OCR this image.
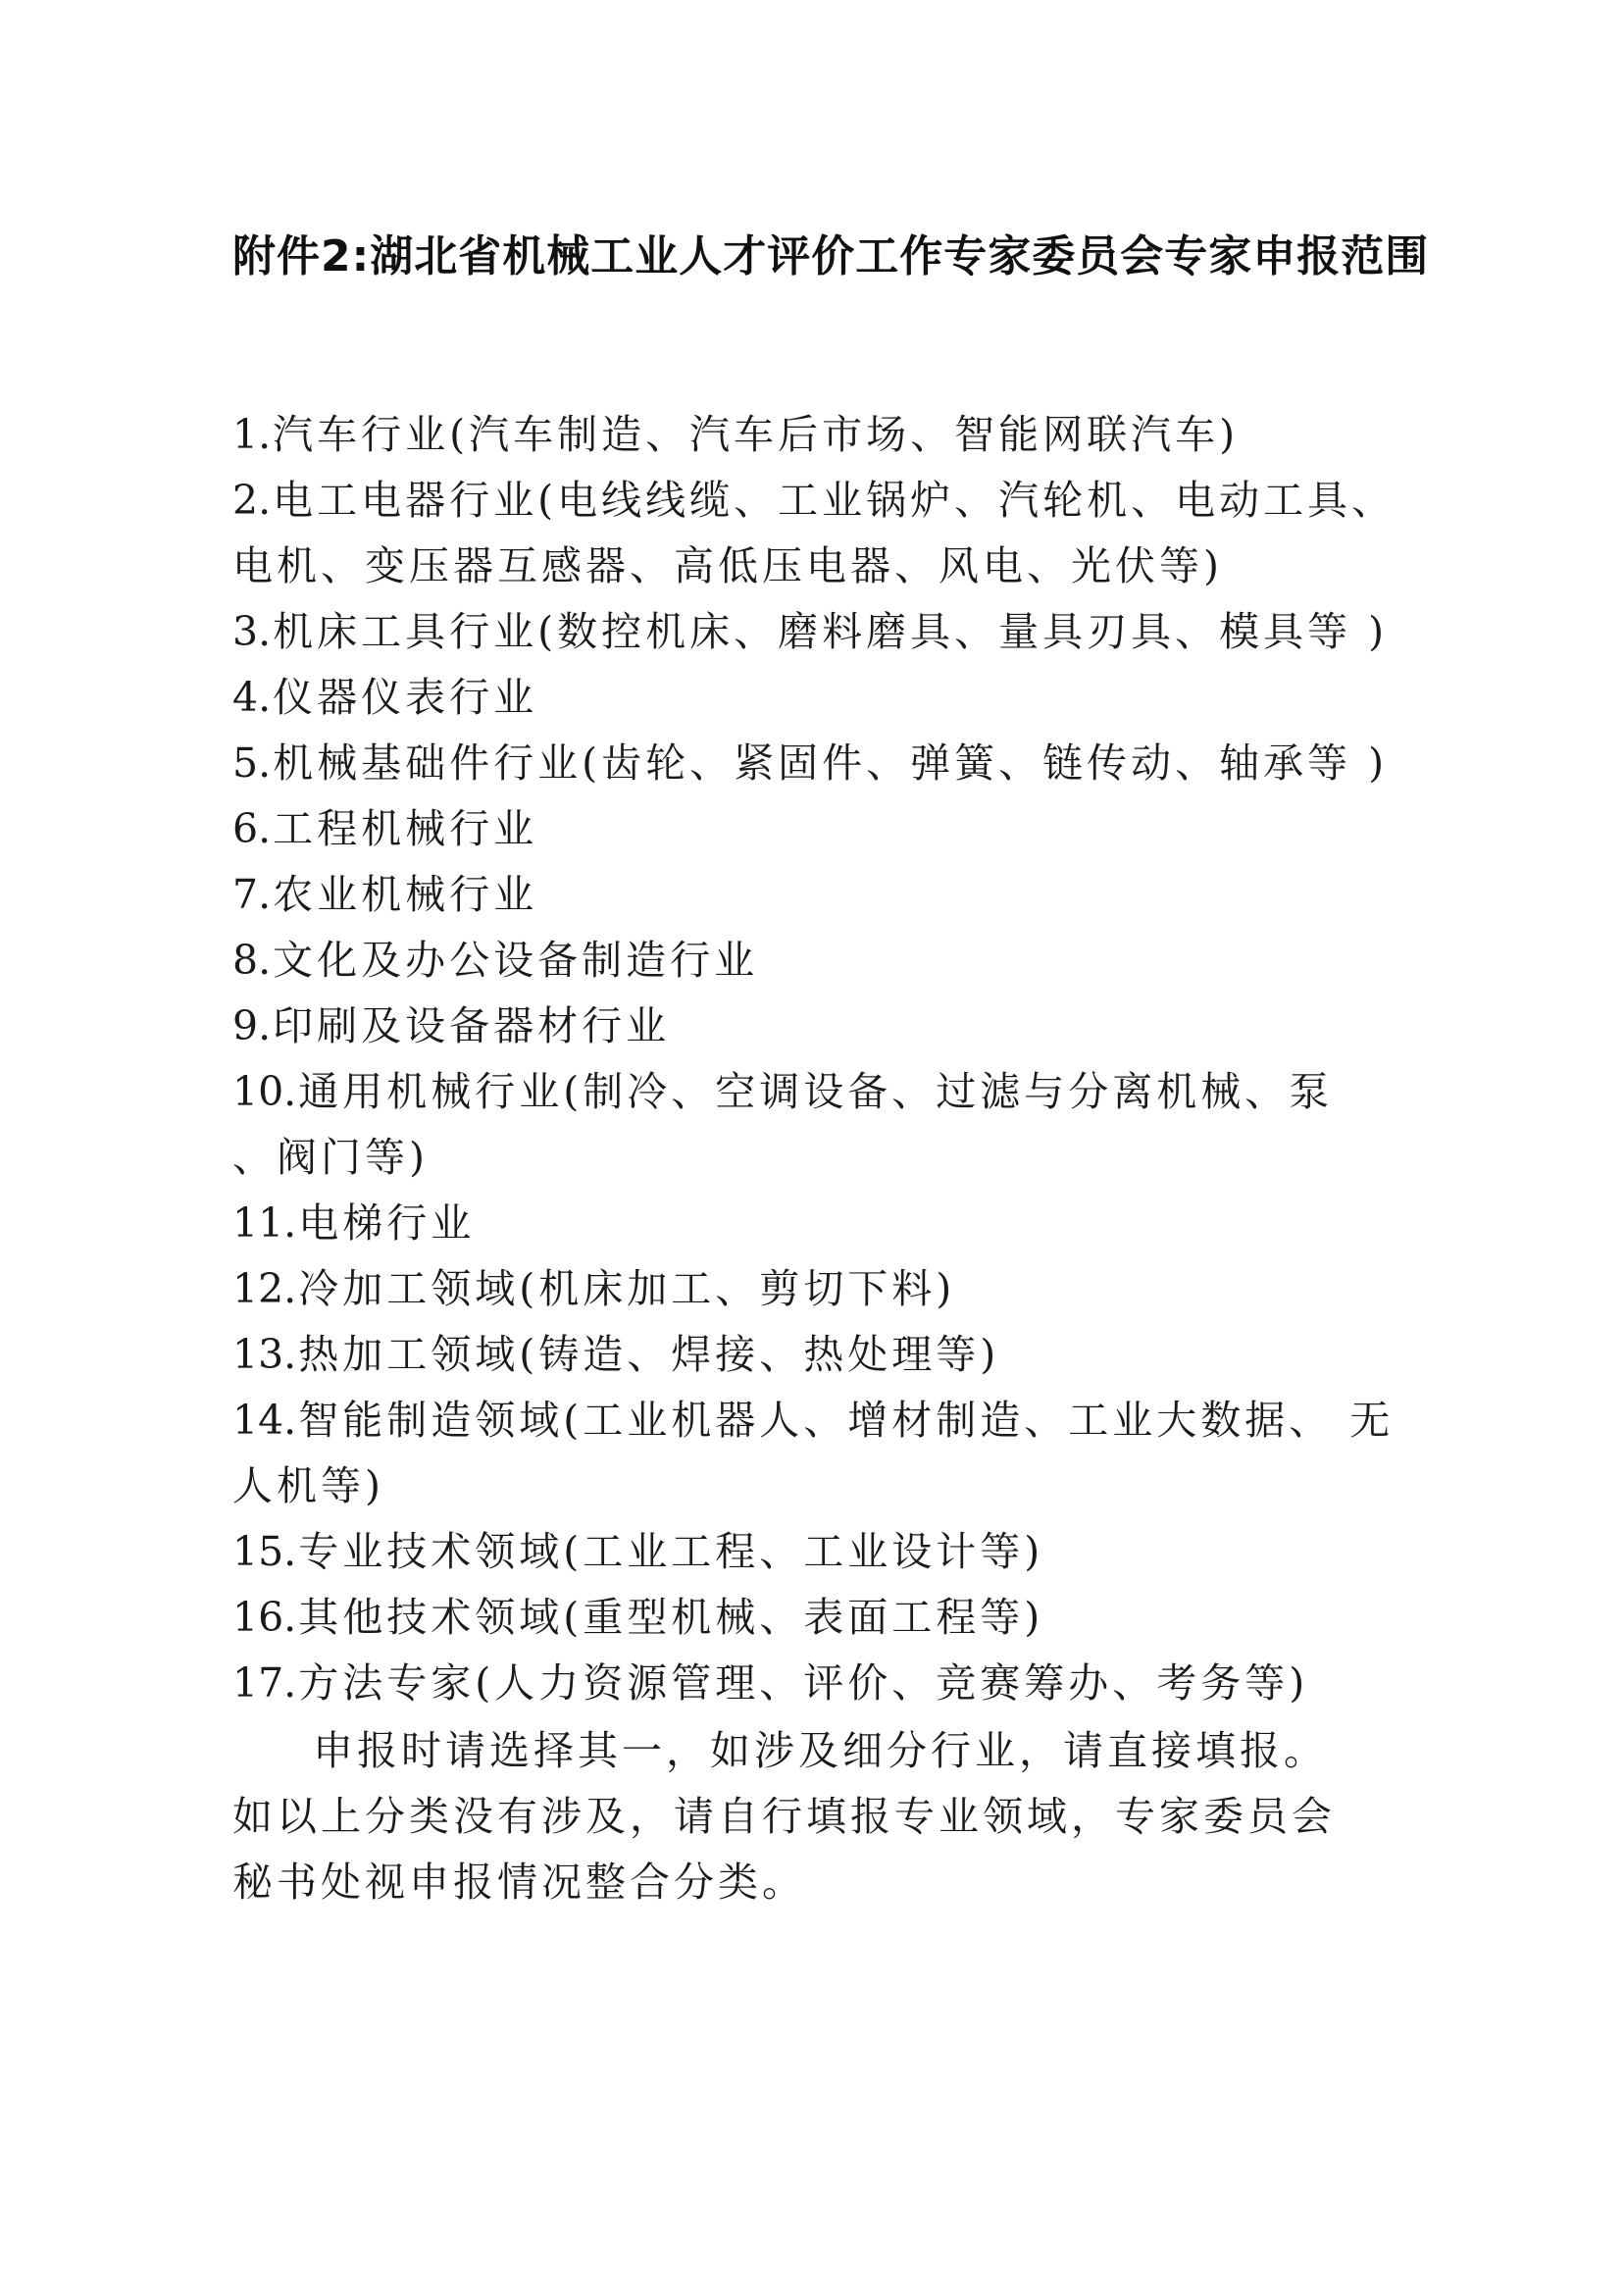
附件2:湖北省机械工业人才评价工作专家委员会专家申报范围
1.汽车行业(汽车制造、汽车后市场、智能网联汽车)
2.电工电器行业(电线线缆、工业锅炉、汽轮机、电动工具、
电机、变压器互感器、高低压电器、风电、光伏等)
3.机床工具行业(数控机床、磨料磨具、量具刃具、模具等 )
4.仪器仪表行业
5.机械基础件行业(齿轮、紧固件、弹簧、链传动、轴承等 )
6.工程机械行业
7.农业机械行业
8.文化及办公设备制造行业
9.印刷及设备器材行业
10.通用机械行业(制冷、空调设备、过滤与分离机械、泵
、阀门等)
11.电梯行业
12.冷加工领域(机床加工、剪切下料)
13.热加工领域(铸造、焊接、热处理等)
14.智能制造领域(工业机器人、增材制造、工业大数据、 无
人机等)
15.专业技术领域(工业工程、工业设计等)
16.其他技术领域(重型机械、表面工程等)
17.方法专家(人力资源管理、评价、竞赛筹办、考务等)

申报时请选择其一，如涉及细分行业，请直接填报。如以上分类没有涉及，请自行填报专业领域，专家委员会秘书处视申报情况整合分类。
